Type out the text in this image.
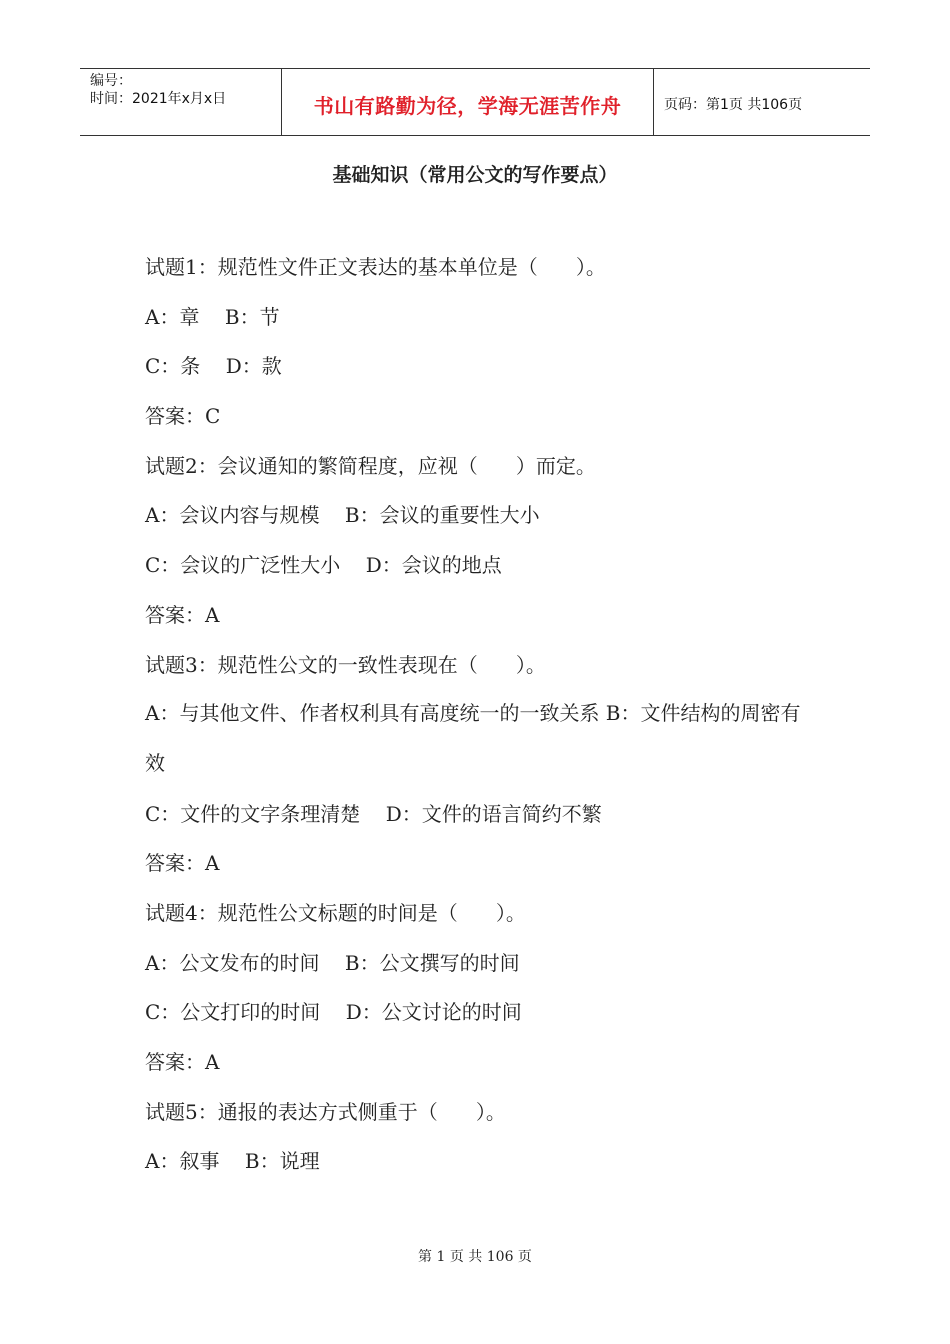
编号：
时间：2021年x月x日	书山有路勤为径，学海无涯苦作舟	页码：第1页 共106页
基础知识（常用公文的写作要点）
试题1：规范性文件正文表达的基本单位是（      ）。
A：章    B：节
C：条    D：款
答案：C
试题2：会议通知的繁简程度，应视（      ）而定。
A：会议内容与规模    B：会议的重要性大小
C：会议的广泛性大小    D：会议的地点
答案：A
试题3：规范性公文的一致性表现在（      ）。
A：与其他文件、作者权利具有高度统一的一致关系 B：文件结构的周密有效
C：文件的文字条理清楚    D：文件的语言简约不繁
答案：A
试题4：规范性公文标题的时间是（      ）。
A：公文发布的时间    B：公文撰写的时间
C：公文打印的时间    D：公文讨论的时间
答案：A
试题5：通报的表达方式侧重于（      ）。
A：叙事    B：说理
第 1 页 共 106 页
